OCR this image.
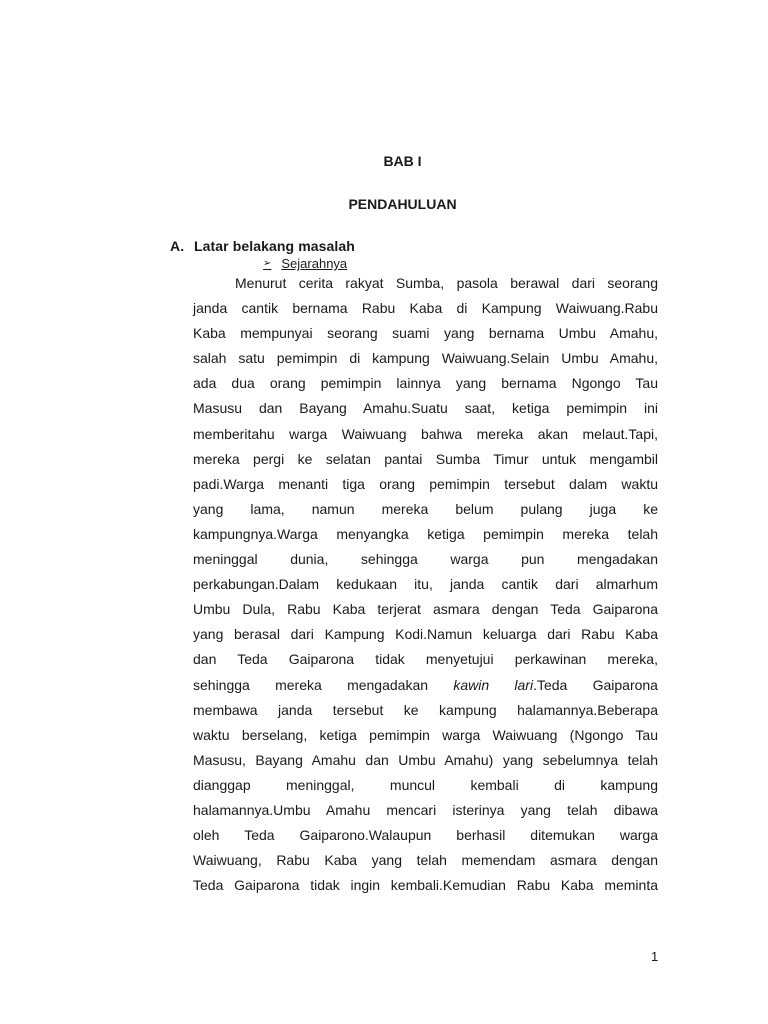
BAB I
PENDAHULUAN
A. Latar belakang masalah
➢ Sejarahnya
Menurut cerita rakyat Sumba, pasola berawal dari seorang
janda cantik bernama Rabu Kaba di Kampung Waiwuang.Rabu
Kaba mempunyai seorang suami yang bernama Umbu Amahu,
salah satu pemimpin di kampung Waiwuang.Selain Umbu Amahu,
ada dua orang pemimpin lainnya yang bernama Ngongo Tau
Masusu dan Bayang Amahu.Suatu saat, ketiga pemimpin ini
memberitahu warga Waiwuang bahwa mereka akan melaut.Tapi,
mereka pergi ke selatan pantai Sumba Timur untuk mengambil
padi.Warga menanti tiga orang pemimpin tersebut dalam waktu
yang lama, namun mereka belum pulang juga ke
kampungnya.Warga menyangka ketiga pemimpin mereka telah
meninggal dunia, sehingga warga pun mengadakan
perkabungan.Dalam kedukaan itu, janda cantik dari almarhum
Umbu Dula, Rabu Kaba terjerat asmara dengan Teda Gaiparona
yang berasal dari Kampung Kodi.Namun keluarga dari Rabu Kaba
dan Teda Gaiparona tidak menyetujui perkawinan mereka,
sehingga mereka mengadakan kawin lari.Teda Gaiparona
membawa janda tersebut ke kampung halamannya.Beberapa
waktu berselang, ketiga pemimpin warga Waiwuang (Ngongo Tau
Masusu, Bayang Amahu dan Umbu Amahu) yang sebelumnya telah
dianggap meninggal, muncul kembali di kampung
halamannya.Umbu Amahu mencari isterinya yang telah dibawa
oleh Teda Gaiparono.Walaupun berhasil ditemukan warga
Waiwuang, Rabu Kaba yang telah memendam asmara dengan
Teda Gaiparona tidak ingin kembali.Kemudian Rabu Kaba meminta
1
